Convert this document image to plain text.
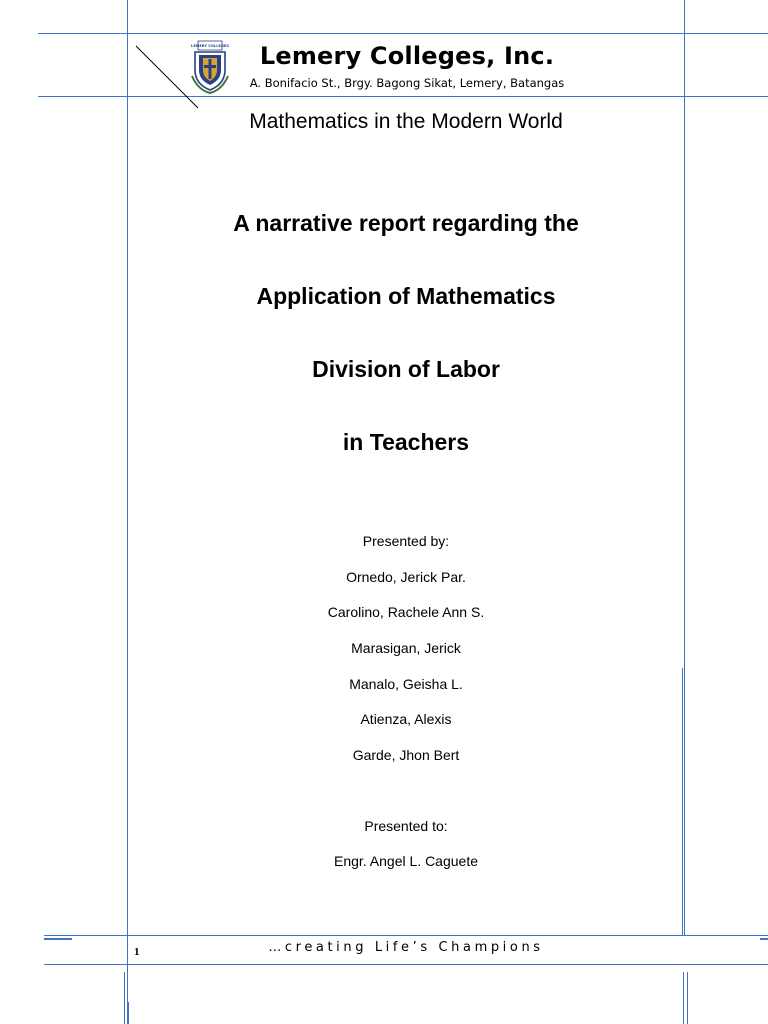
LEMERY COLLEGES	Lemery Colleges, Inc.
A. Bonifacio St., Brgy. Bagong Sikat, Lemery, Batangas
Mathematics in the Modern World
A narrative report regarding the
Application of Mathematics
Division of Labor
in Teachers
Presented by:
Ornedo, Jerick Par.
Carolino, Rachele Ann S.
Marasigan, Jerick
Manalo, Geisha L.
Atienza, Alexis
Garde, Jhon Bert
Presented to:
Engr. Angel L. Caguete
1	…creating Life’s Champions
